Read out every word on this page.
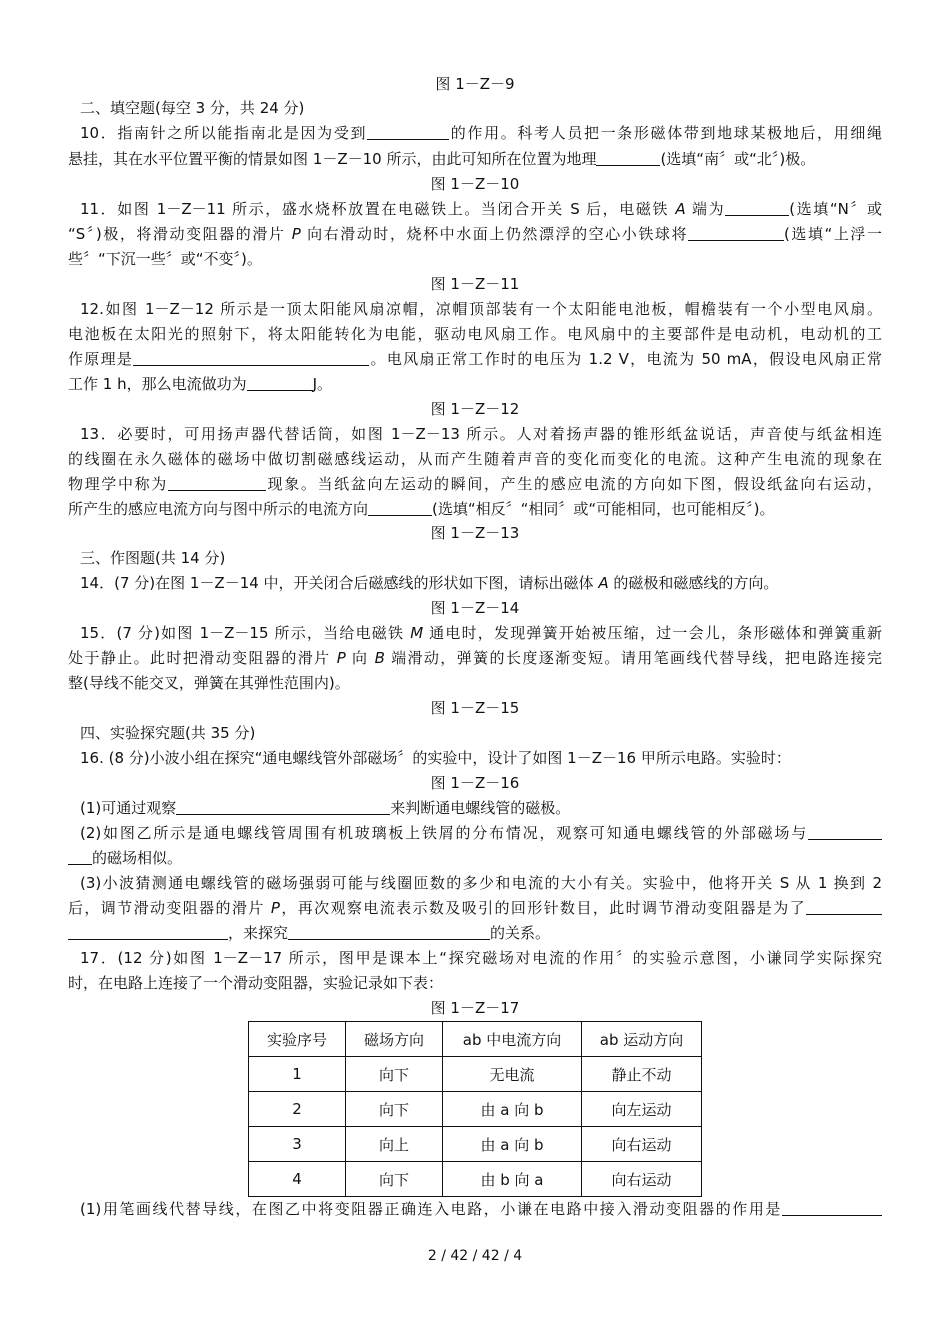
图 1－Z－9
二、填空题(每空 3 分，共 24 分)
10．指南针之所以能指南北是因为受到	的作用。科考人员把一条形磁体带到地球某极地后，用细绳
悬挂，其在水平位置平衡的情景如图 1－Z－10 所示，由此可知所在位置为地理	(选填“南〞或“北〞)极。
图 1－Z－10
11．如图 1－Z－11 所示，盛水烧杯放置在电磁铁上。当闭合开关 S 后，电磁铁 A 端为	(选填“N〞或
“S〞)极，将滑动变阻器的滑片 P 向右滑动时，烧杯中水面上仍然漂浮的空心小铁球将	(选填“上浮一
些〞“下沉一些〞或“不变〞)。
图 1－Z－11
12.如图 1－Z－12 所示是一顶太阳能风扇凉帽，凉帽顶部装有一个太阳能电池板，帽檐装有一个小型电风扇。
电池板在太阳光的照射下，将太阳能转化为电能，驱动电风扇工作。电风扇中的主要部件是电动机，电动机的工
作原理是	。电风扇正常工作时的电压为 1.2 V，电流为 50 mA，假设电风扇正常
工作 1 h，那么电流做功为	J。
图 1－Z－12
13．必要时，可用扬声器代替话筒，如图 1－Z－13 所示。人对着扬声器的锥形纸盆说话，声音使与纸盆相连
的线圈在永久磁体的磁场中做切割磁感线运动，从而产生随着声音的变化而变化的电流。这种产生电流的现象在
物理学中称为	现象。当纸盆向左运动的瞬间，产生的感应电流的方向如下图，假设纸盆向右运动，
所产生的感应电流方向与图中所示的电流方向	(选填“相反〞“相同〞或“可能相同，也可能相反〞)。
图 1－Z－13
三、作图题(共 14 分)
14．(7 分)在图 1－Z－14 中，开关闭合后磁感线的形状如下图，请标出磁体 A 的磁极和磁感线的方向。
图 1－Z－14
15．(7 分)如图 1－Z－15 所示，当给电磁铁 M 通电时，发现弹簧开始被压缩，过一会儿，条形磁体和弹簧重新
处于静止。此时把滑动变阻器的滑片 P 向 B 端滑动，弹簧的长度逐渐变短。请用笔画线代替导线，把电路连接完
整(导线不能交叉，弹簧在其弹性范围内)。
图 1－Z－15
四、实验探究题(共 35 分)
16. (8 分)小波小组在探究“通电螺线管外部磁场〞的实验中，设计了如图 1－Z－16 甲所示电路。实验时：
图 1－Z－16
(1)可通过观察	来判断通电螺线管的磁极。
(2)如图乙所示是通电螺线管周围有机玻璃板上铁屑的分布情况，观察可知通电螺线管的外部磁场与
的磁场相似。
(3)小波猜测通电螺线管的磁场强弱可能与线圈匝数的多少和电流的大小有关。实验中，他将开关 S 从 1 换到 2
后，调节滑动变阻器的滑片 P，再次观察电流表示数及吸引的回形针数目，此时调节滑动变阻器是为了
，来探究	的关系。
17．(12 分)如图 1－Z－17 所示，图甲是课本上“探究磁场对电流的作用〞的实验示意图，小谦同学实际探究
时，在电路上连接了一个滑动变阻器，实验记录如下表：
图 1－Z－17
实验序号	磁场方向	ab 中电流方向	ab 运动方向
1	向下	无电流	静止不动
2	向下	由 a 向 b	向左运动
3	向上	由 a 向 b	向右运动
4	向下	由 b 向 a	向右运动
(1)用笔画线代替导线，在图乙中将变阻器正确连入电路，小谦在电路中接入滑动变阻器的作用是
2 / 42 / 42 / 4
